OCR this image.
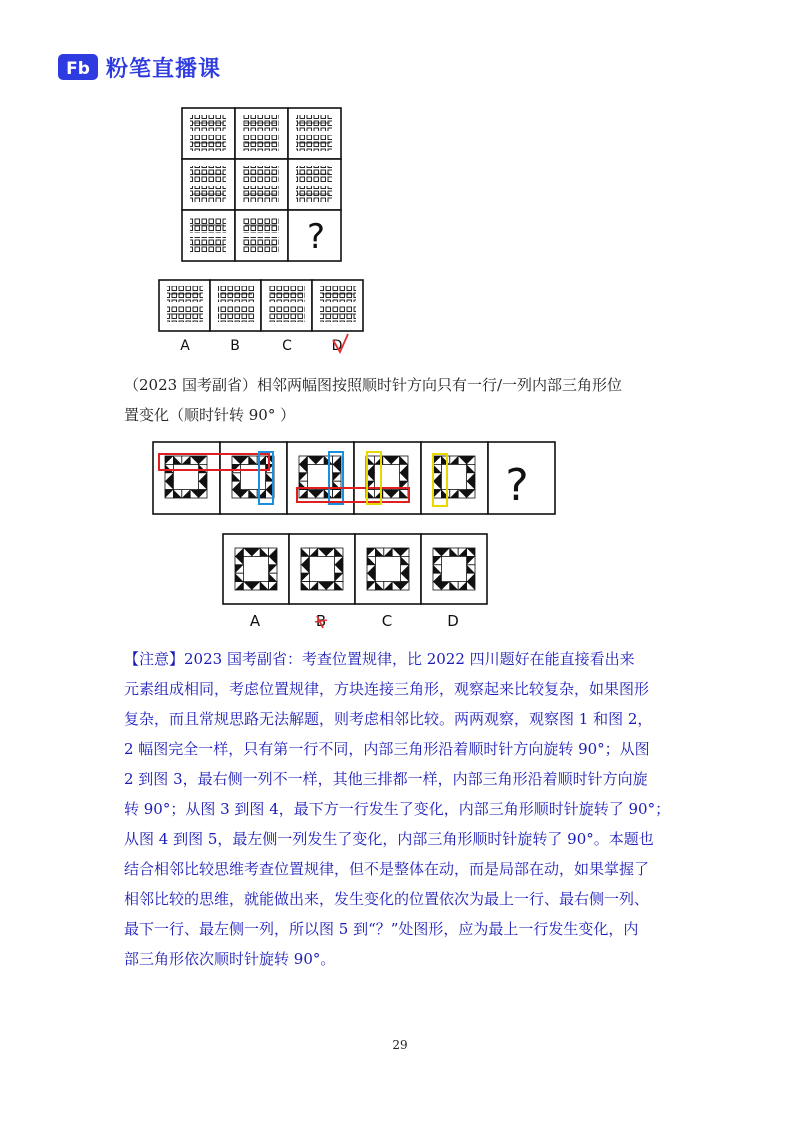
Fb 粉笔直播课
?
A	B	C	D

（2023 国考副省）相邻两幅图按照顺时针方向只有一行/一列内部三角形位
置变化（顺时针转 90° ）

?
A	B	C	D

【注意】2023 国考副省：考查位置规律，比 2022 四川题好在能直接看出来
元素组成相同，考虑位置规律，方块连接三角形，观察起来比较复杂，如果图形
复杂，而且常规思路无法解题，则考虑相邻比较。两两观察，观察图 1 和图 2，
2 幅图完全一样，只有第一行不同，内部三角形沿着顺时针方向旋转 90°；从图
2 到图 3，最右侧一列不一样，其他三排都一样，内部三角形沿着顺时针方向旋
转 90°；从图 3 到图 4，最下方一行发生了变化，内部三角形顺时针旋转了 90°；
从图 4 到图 5，最左侧一列发生了变化，内部三角形顺时针旋转了 90°。本题也
结合相邻比较思维考查位置规律，但不是整体在动，而是局部在动，如果掌握了
相邻比较的思维，就能做出来，发生变化的位置依次为最上一行、最右侧一列、
最下一行、最左侧一列，所以图 5 到“？”处图形，应为最上一行发生变化，内
部三角形依次顺时针旋转 90°。

29
